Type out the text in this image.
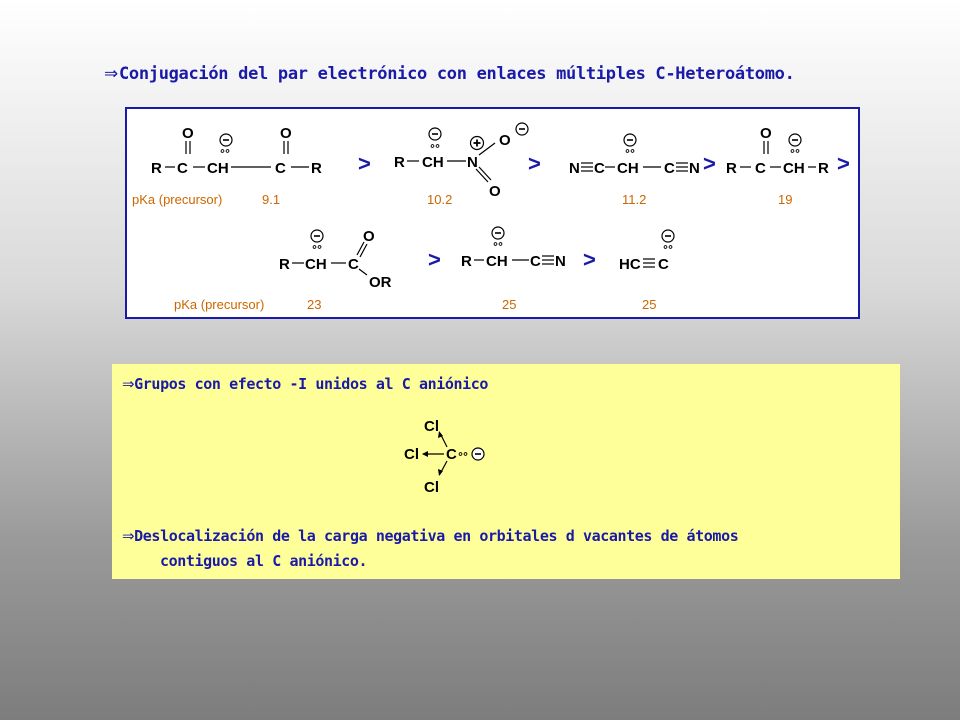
⇒Conjugación del par electrónico con enlaces múltiples C-Heteroátomo.

R C
O
CH	C
O
R > R CH N
O
O
> N C CH C N > R C
O
CH R >
pKa (precursor)	9.1	10.2	11.2	19
R CH C
O
OR
> R CH C N > HC C
pKa (precursor)	23	25	25

⇒Grupos con efecto -I unidos al C aniónico

Cl
Cl C
Cl

⇒Deslocalización de la carga negativa en orbitales d vacantes de átomos

contiguos al C aniónico.
